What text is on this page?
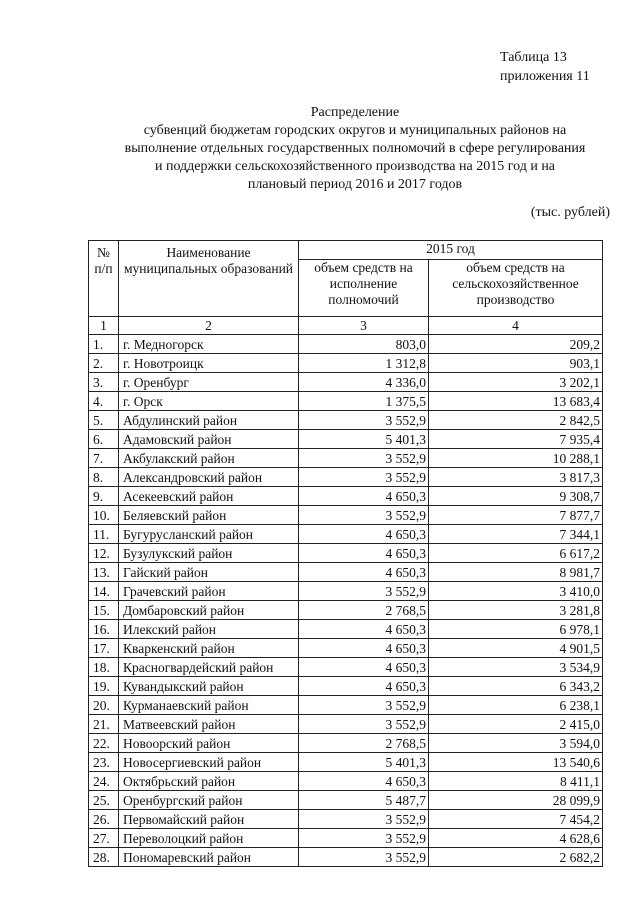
Таблица 13
приложения 11
Распределение
субвенций бюджетам городских округов и муниципальных районов на
выполнение отдельных государственных полномочий в сфере регулирования
и поддержки сельскохозяйственного производства на 2015 год и на
плановый период 2016 и 2017 годов
(тыс. рублей)
№ п/п	Наименование муниципальных образований	2015 год	
		объем средств на исполнение полномочий	объем средств на сельскохозяйственное производство
1	2	3	4
1.	г. Медногорск	803,0	209,2
2.	г. Новотроицк	1 312,8	903,1
3.	г. Оренбург	4 336,0	3 202,1
4.	г. Орск	1 375,5	13 683,4
5.	Абдулинский район	3 552,9	2 842,5
6.	Адамовский район	5 401,3	7 935,4
7.	Акбулакский район	3 552,9	10 288,1
8.	Александровский район	3 552,9	3 817,3
9.	Асекеевский район	4 650,3	9 308,7
10.	Беляевский район	3 552,9	7 877,7
11.	Бугурусланский район	4 650,3	7 344,1
12.	Бузулукский район	4 650,3	6 617,2
13.	Гайский район	4 650,3	8 981,7
14.	Грачевский район	3 552,9	3 410,0
15.	Домбаровский район	2 768,5	3 281,8
16.	Илекский район	4 650,3	6 978,1
17.	Кваркенский район	4 650,3	4 901,5
18.	Красногвардейский район	4 650,3	3 534,9
19.	Кувандыкский район	4 650,3	6 343,2
20.	Курманаевский район	3 552,9	6 238,1
21.	Матвеевский район	3 552,9	2 415,0
22.	Новоорский район	2 768,5	3 594,0
23.	Новосергиевский район	5 401,3	13 540,6
24.	Октябрьский район	4 650,3	8 411,1
25.	Оренбургский район	5 487,7	28 099,9
26.	Первомайский район	3 552,9	7 454,2
27.	Переволоцкий район	3 552,9	4 628,6
28.	Пономаревский район	3 552,9	2 682,2
